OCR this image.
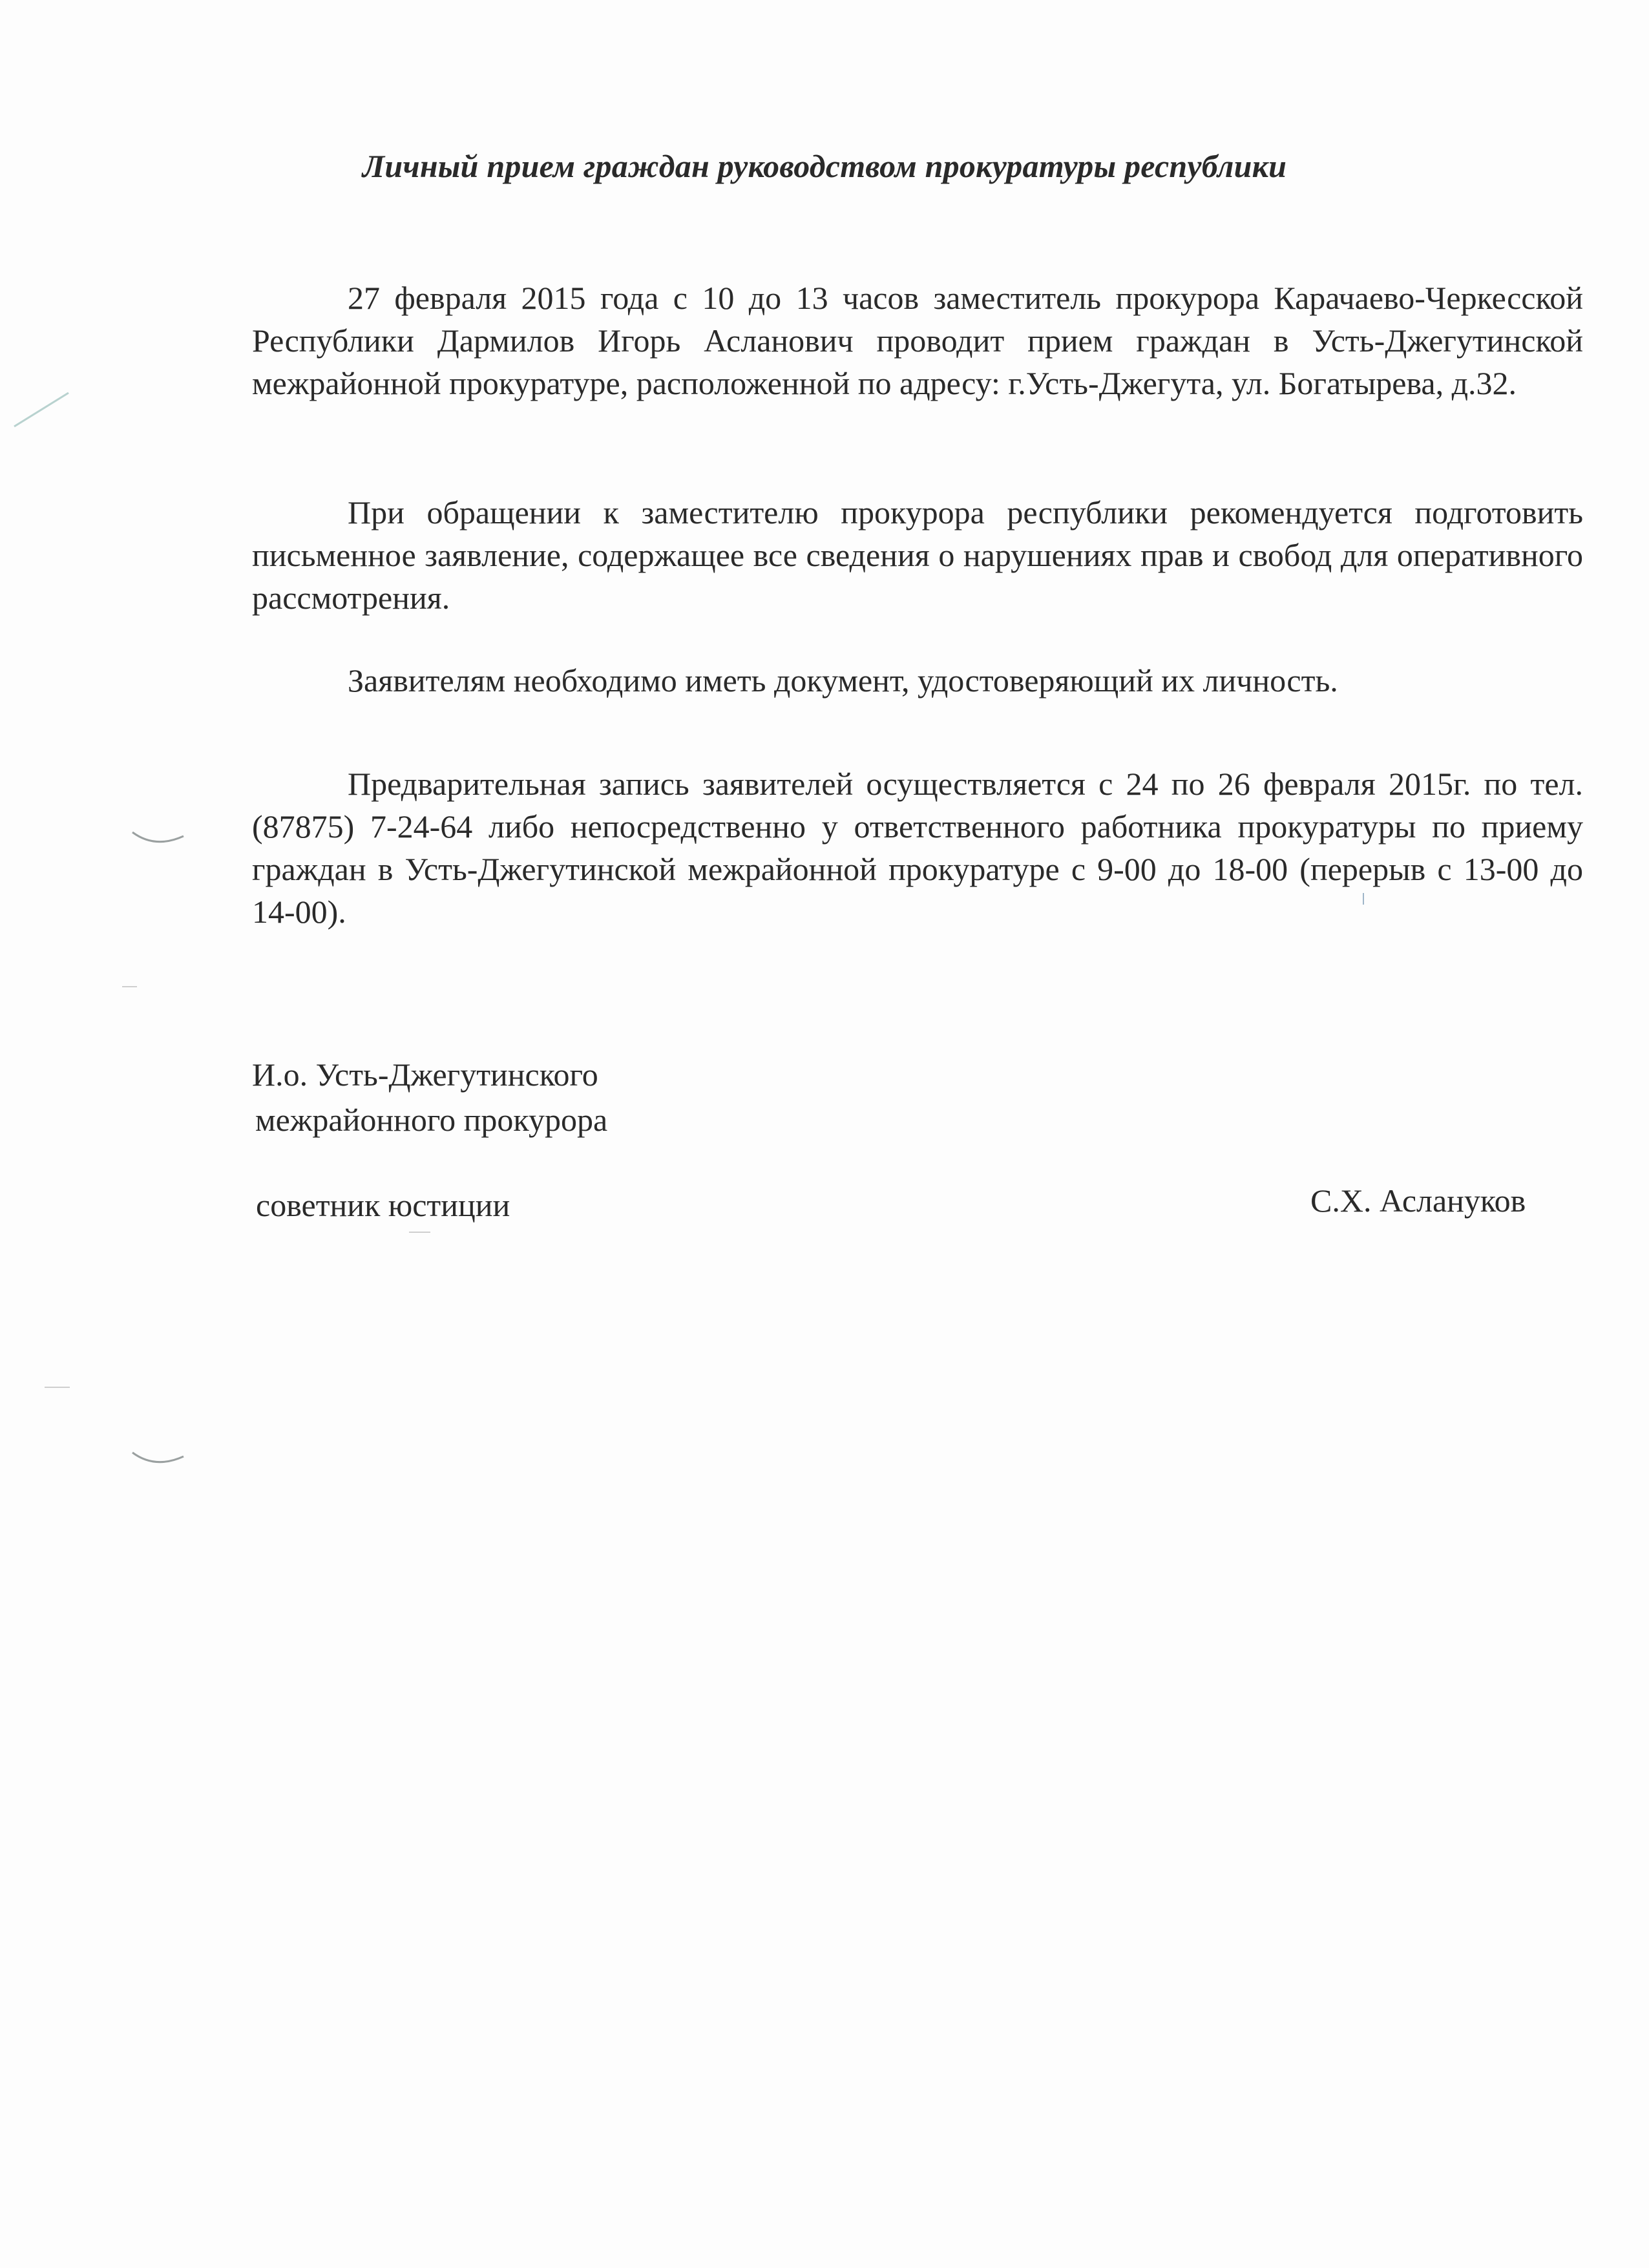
Личный прием граждан руководством прокуратуры республики

27 февраля 2015 года с 10 до 13 часов заместитель прокурора Карачаево-Черкесской Республики Дармилов Игорь Асланович проводит прием граждан в Усть-Джегутинской межрайонной прокуратуре, расположенной по адресу: г.Усть-Джегута, ул. Богатырева, д.32.

При обращении к заместителю прокурора республики рекомендуется подготовить письменное заявление, содержащее все сведения о нарушениях прав и свобод для оперативного рассмотрения.

Заявителям необходимо иметь документ, удостоверяющий их личность.

Предварительная запись заявителей осуществляется с 24 по 26 февраля 2015г. по тел. (87875) 7-24-64 либо непосредственно у ответственного работника прокуратуры по приему граждан в Усть-Джегутинской межрайонной прокуратуре с 9-00 до 18-00 (перерыв с 13-00 до 14-00).

И.о. Усть-Джегутинского
межрайонного прокурора
советник юстиции	С.Х. Аслануков
